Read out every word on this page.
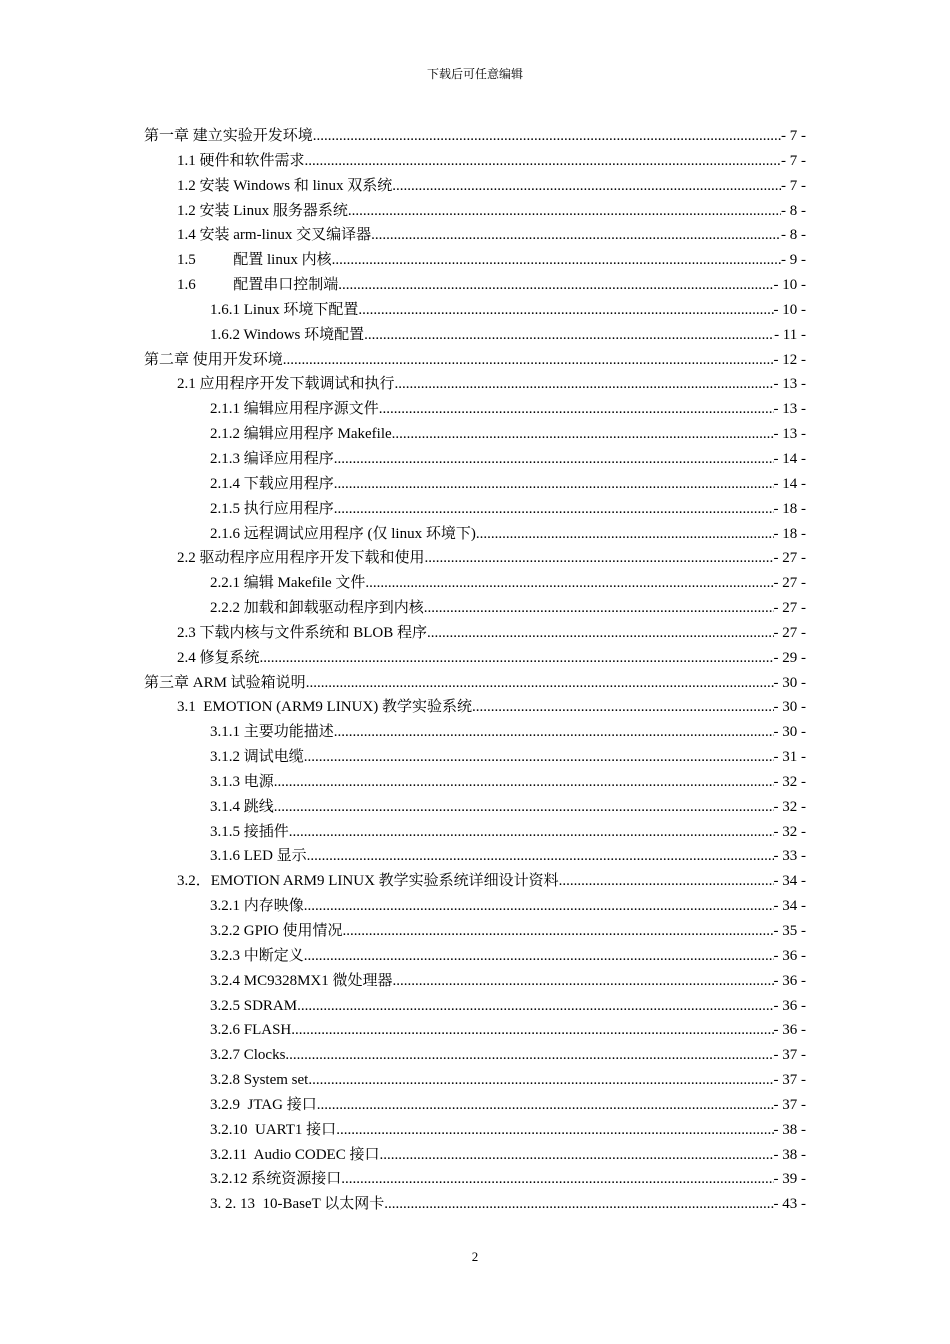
下载后可任意编辑
第一章 建立实验开发环境 .....	- 7 -
1.1 硬件和软件需求 .....	- 7 -
1.2 安装 Windows 和 linux 双系统 .....	- 7 -
1.2 安装 Linux 服务器系统 .....	- 8 -
1.4 安装 arm-linux 交叉编译器 .....	- 8 -
1.5          配置 linux 内核 .....	- 9 -
1.6          配置串口控制端 .....	- 10 -
1.6.1 Linux 环境下配置 .....	- 10 -
1.6.2 Windows 环境配置 .....	- 11 -
第二章 使用开发环境 .....	- 12 -
2.1 应用程序开发下载调试和执行 .....	- 13 -
2.1.1 编辑应用程序源文件 .....	- 13 -
2.1.2 编辑应用程序 Makefile .....	- 13 -
2.1.3 编译应用程序 .....	- 14 -
2.1.4 下载应用程序 .....	- 14 -
2.1.5 执行应用程序 .....	- 18 -
2.1.6 远程调试应用程序 (仅 linux 环境下) .....	- 18 -
2.2 驱动程序应用程序开发下载和使用 .....	- 27 -
2.2.1 编辑 Makefile 文件 .....	- 27 -
2.2.2 加载和卸载驱动程序到内核 .....	- 27 -
2.3 下载内核与文件系统和 BLOB 程序 .....	- 27 -
2.4 修复系统 .....	- 29 -
第三章 ARM 试验箱说明 .....	- 30 -
3.1  EMOTION (ARM9 LINUX) 教学实验系统 .....	- 30 -
3.1.1 主要功能描述 .....	- 30 -
3.1.2 调试电缆 .....	- 31 -
3.1.3 电源 .....	- 32 -
3.1.4 跳线 .....	- 32 -
3.1.5 接插件 .....	- 32 -
3.1.6 LED 显示 .....	- 33 -
3.2．EMOTION ARM9 LINUX 教学实验系统详细设计资料 .....	- 34 -
3.2.1 内存映像 .....	- 34 -
3.2.2 GPIO 使用情况 .....	- 35 -
3.2.3 中断定义 .....	- 36 -
3.2.4 MC9328MX1 微处理器 .....	- 36 -
3.2.5 SDRAM .....	- 36 -
3.2.6 FLASH .....	- 36 -
3.2.7 Clocks .....	- 37 -
3.2.8 System set .....	- 37 -
3.2.9  JTAG 接口 .....	- 37 -
3.2.10  UART1 接口 .....	- 38 -
3.2.11  Audio CODEC 接口 .....	- 38 -
3.2.12 系统资源接口 .....	- 39 -
3. 2. 13  10-BaseT 以太网卡 .....	- 43 -
2
